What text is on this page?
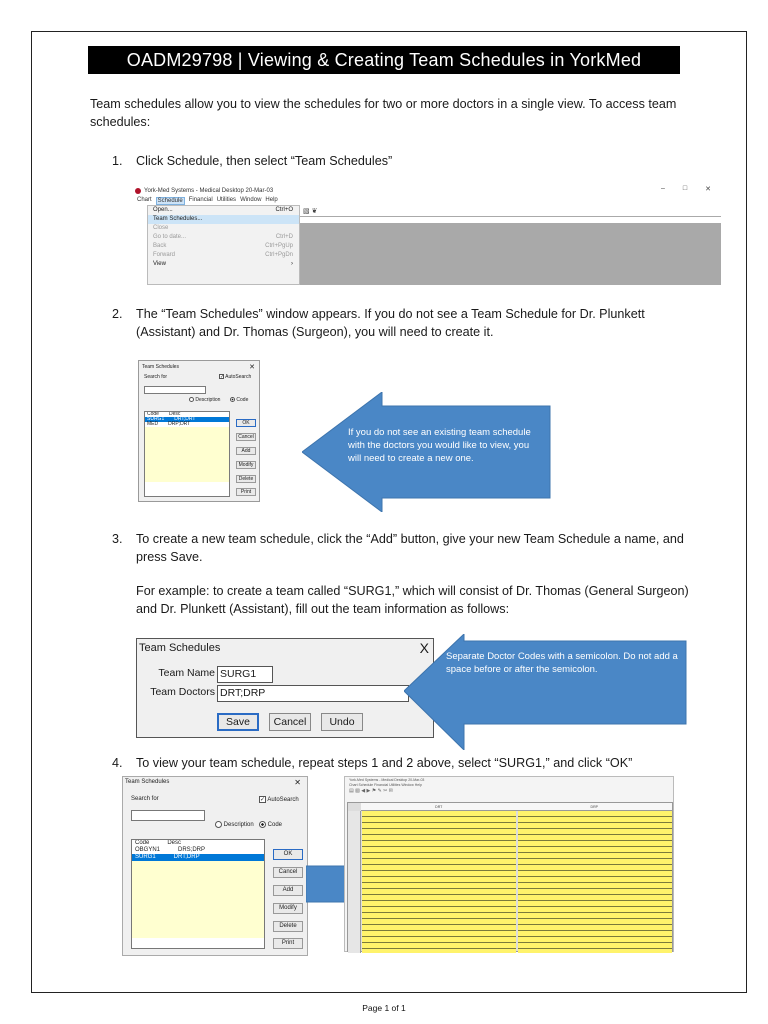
OADM29798 | Viewing & Creating Team Schedules in YorkMed

Team schedules allow you to view the schedules for two or more doctors in a single view. To access team schedules:

1.	Click Schedule, then select “Team Schedules”
York-Med Systems - Medical Desktop 20-Mar-03	–	□	✕
Chart	Schedule	Financial Utilities Window Help
▧ ❦
Open...	Ctrl+O
Team Schedules...
Close
Go to date...	Ctrl+D
Back	Ctrl+PgUp
Forward	Ctrl+PgDn
View	›
2.	The “Team Schedules” window appears. If you do not see a Team Schedule for Dr. Plunkett (Assistant) and Dr. Thomas (Surgeon), you will need to create it.
Team Schedules	✕
Search for	✓ AutoSearch
Description	Code
Code Desc
SURG1 DRT;DRT
MED DRP;DRT	OK
Cancel
Add
Modify
Delete
Print
If you do not see an existing team schedule with the doctors you would like to view, you will need to create a new one.
3.	To create a new team schedule, click the “Add” button, give your new Team Schedule a name, and press Save.
For example: to create a team called “SURG1,” which will consist of Dr. Thomas (General Surgeon) and Dr. Plunkett (Assistant), fill out the team information as follows:
Team Schedules	X
Team Name SURG1
Team Doctors DRT;DRP
Save	Cancel	Undo
Separate Doctor Codes with a semicolon. Do not add a space before or after the semicolon.
4.	To view your team schedule, repeat steps 1 and 2 above, select “SURG1,” and click “OK”
Team Schedules	✕
Search for	✓ AutoSearch
Description	Code
Code	Desc
OBGYN1	DRS;DRP
SURG1	DRT;DRP	OK
Cancel
Add
Modify
Delete
Print
York-Med Systems - Medical Desktop 20-Mar-03
Chart Schedule Financial Utilities Window Help
▤ ▧ ◀ ▶ ⚑ ✎ ✂ ✉
DRT	DRP
Page 1 of 1
